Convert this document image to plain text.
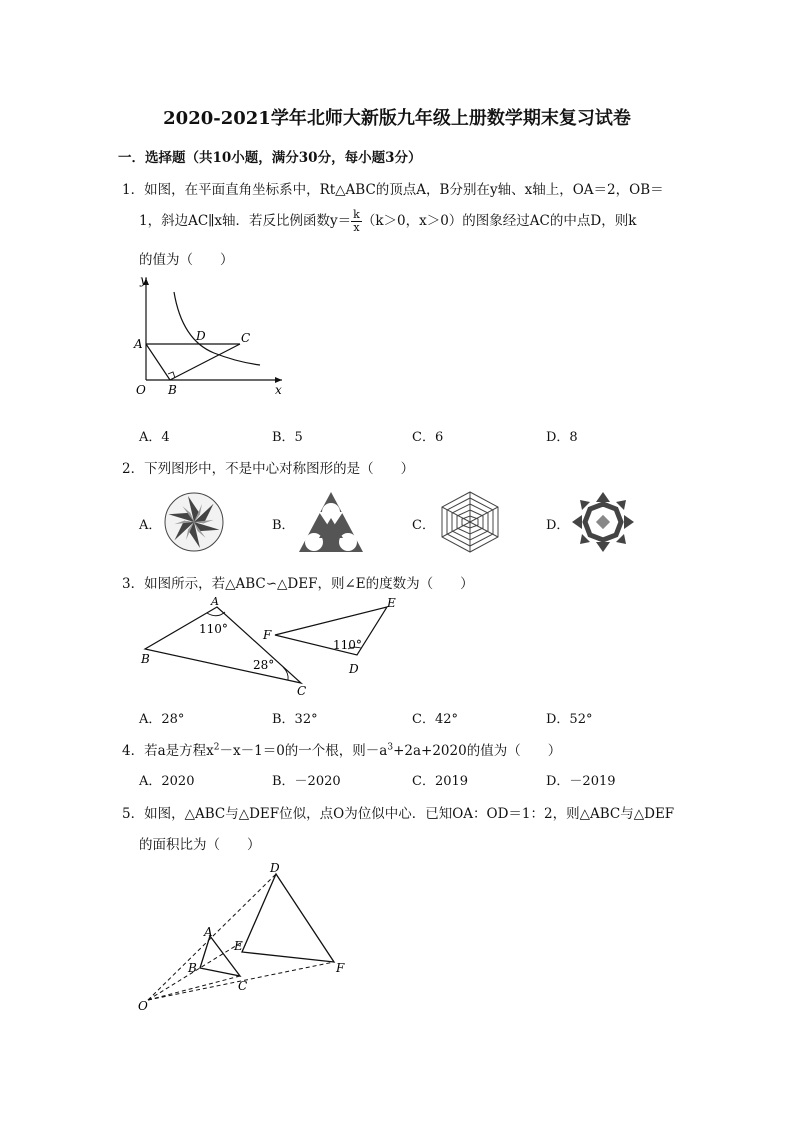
2020-2021学年北师大新版九年级上册数学期末复习试卷
一．选择题（共10小题，满分30分，每小题3分）
1．如图，在平面直角坐标系中，Rt△ABC的顶点A，B分别在y轴、x轴上，OA＝2，OB＝
1，斜边AC∥x轴．若反比例函数$y= \frac{k}{x} (k>0$，x＞0）的图象经过AC的中点D，则k
的值为（　　）
y
x
A
D	C
O B
A．4	B．5	C．6	D．8
2．下列图形中，不是中心对称图形的是（　　）
A．	B．	C．	D．
3．如图所示，若△ABC∽△DEF，则∠E的度数为（　　）
A
B
C
110°
28°
E
F
D
110°
A．28°	B．32°	C．42°	D．52°
4．若a是方程$x^2-x-1=0$的一个根，则$-a^3+2a+2020$的值为（　　）
A．2020	B．－2020	C．2019	D．－2019
5．如图，△ABC与△DEF位似，点O为位似中心．已知OA：OD＝1：2，则△ABC与△DEF
的面积比为（　　）
D
A
E
B
C
F
O
